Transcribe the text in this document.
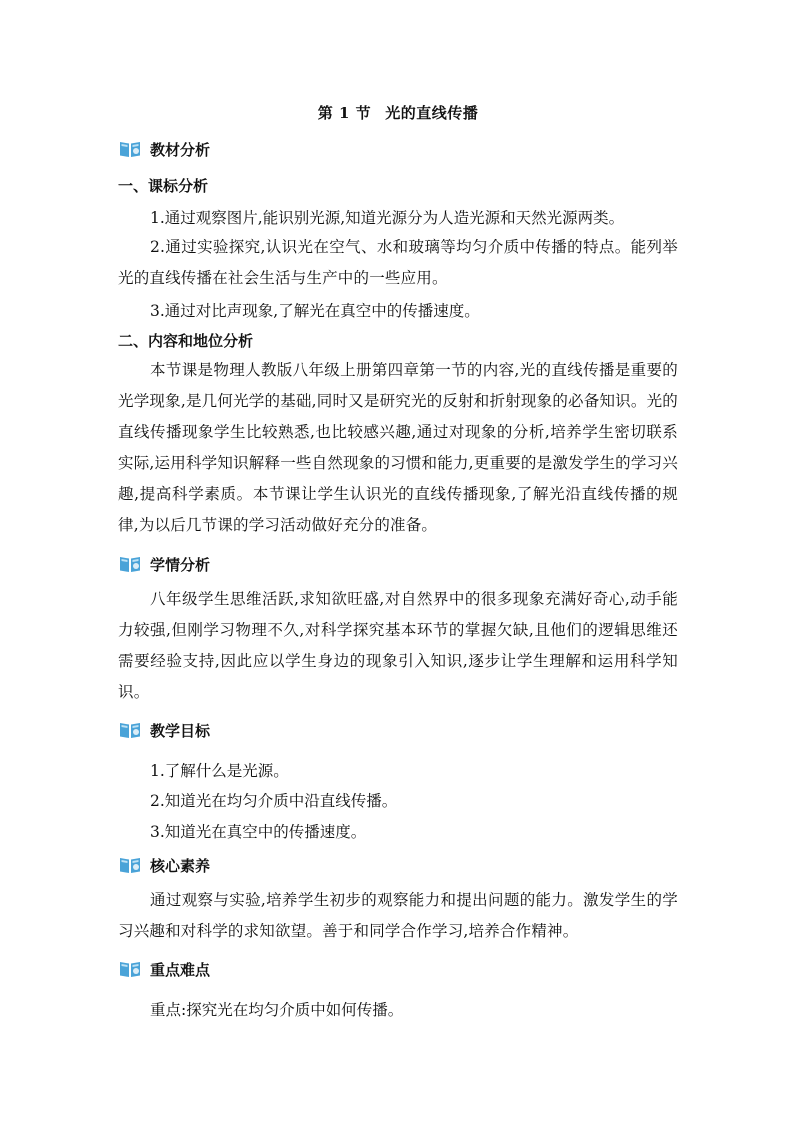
第 1 节 光的直线传播
教材分析
一、课标分析
1.通过观察图片,能识别光源,知道光源分为人造光源和天然光源两类。
2.通过实验探究,认识光在空气、水和玻璃等均匀介质中传播的特点。能列举光的直线传播在社会生活与生产中的一些应用。
3.通过对比声现象,了解光在真空中的传播速度。
二、内容和地位分析
本节课是物理人教版八年级上册第四章第一节的内容,光的直线传播是重要的光学现象,是几何光学的基础,同时又是研究光的反射和折射现象的必备知识。光的直线传播现象学生比较熟悉,也比较感兴趣,通过对现象的分析,培养学生密切联系实际,运用科学知识解释一些自然现象的习惯和能力,更重要的是激发学生的学习兴趣,提高科学素质。本节课让学生认识光的直线传播现象,了解光沿直线传播的规律,为以后几节课的学习活动做好充分的准备。
学情分析
八年级学生思维活跃,求知欲旺盛,对自然界中的很多现象充满好奇心,动手能力较强,但刚学习物理不久,对科学探究基本环节的掌握欠缺,且他们的逻辑思维还需要经验支持,因此应以学生身边的现象引入知识,逐步让学生理解和运用科学知识。
教学目标
1.了解什么是光源。
2.知道光在均匀介质中沿直线传播。
3.知道光在真空中的传播速度。
核心素养
通过观察与实验,培养学生初步的观察能力和提出问题的能力。激发学生的学习兴趣和对科学的求知欲望。善于和同学合作学习,培养合作精神。
重点难点
重点:探究光在均匀介质中如何传播。
